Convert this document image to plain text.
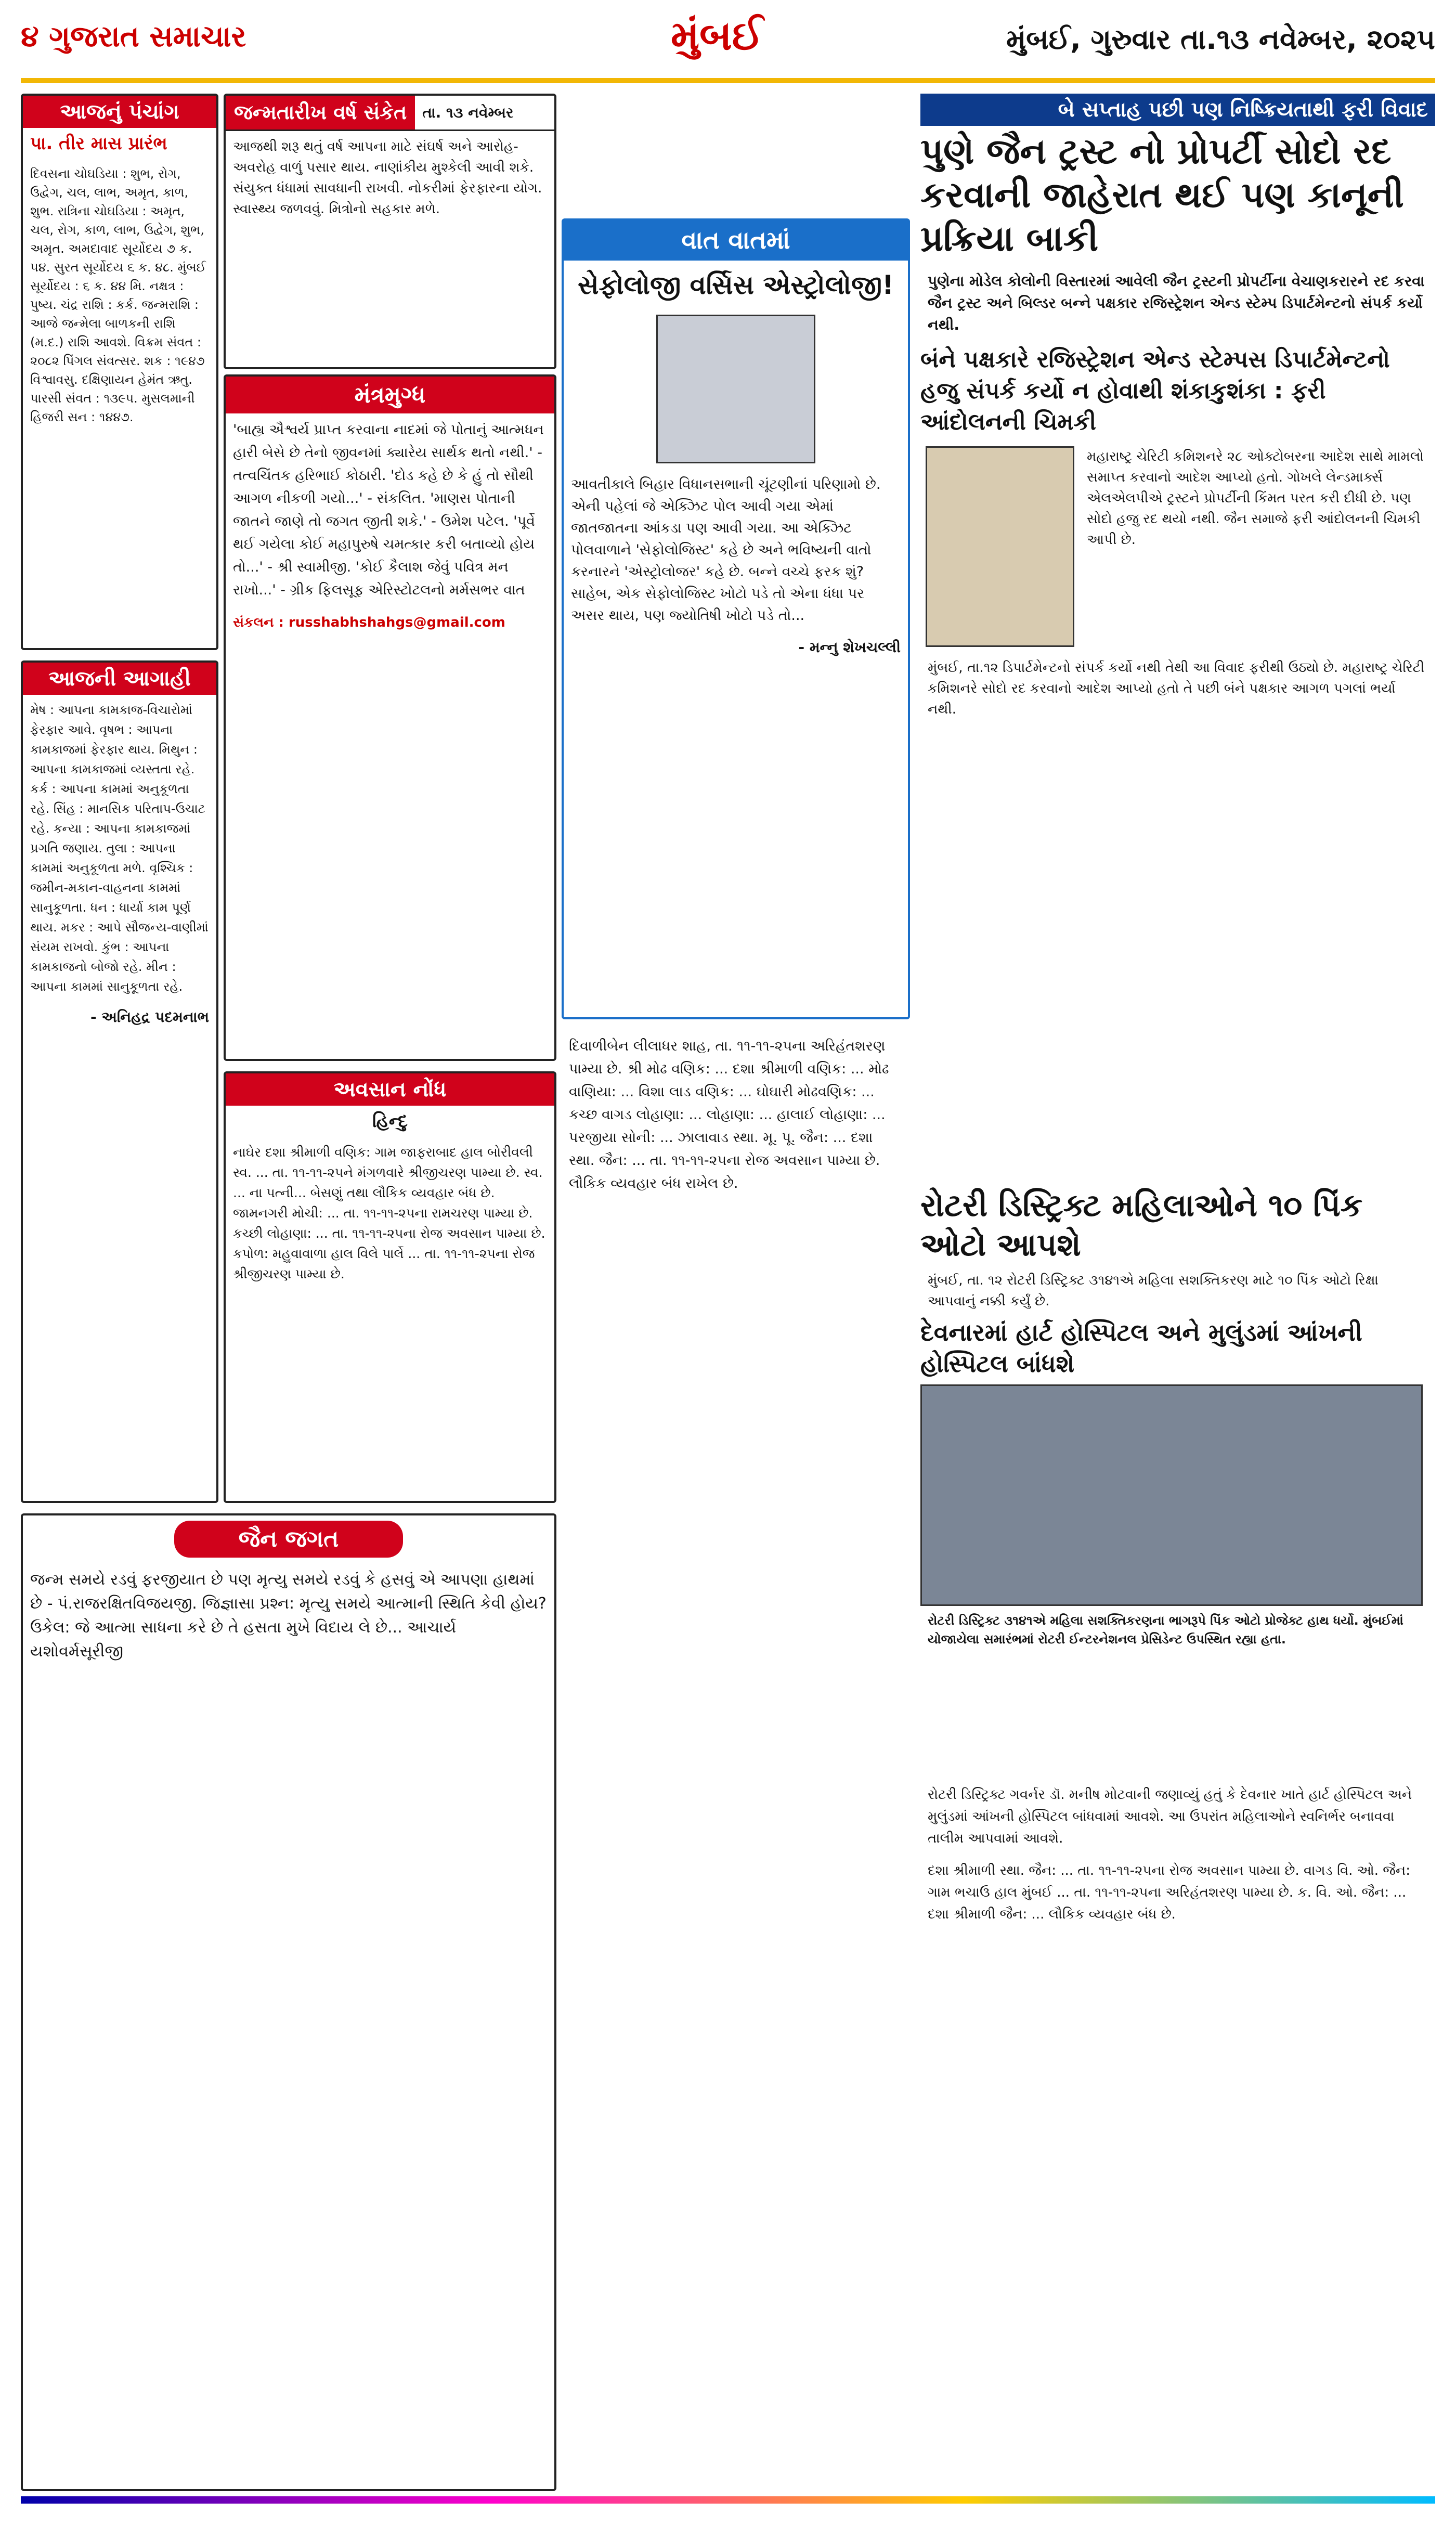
૪ ગુજરાત સમાચાર	મુંબઈ	મુંબઈ, ગુરુવાર તા.૧૩ નવેમ્બર, ૨૦૨૫
આજનું પંચાંગ
પા. તીર માસ પ્રારંભ
દિવસના ચોઘડિયા : શુભ, રોગ, ઉદ્વેગ, ચલ, લાભ, અમૃત, કાળ, શુભ. રાત્રિના ચોઘડિયા : અમૃત, ચલ, રોગ, કાળ, લાભ, ઉદ્વેગ, શુભ, અમૃત. અમદાવાદ સૂર્યોદય ૭ ક. ૫૪. સુરત સૂર્યોદય ૬ ક. ૪૮. મુંબઈ સૂર્યોદય : ૬ ક. ૪૪ મિ. નક્ષત્ર : પુષ્ય. ચંદ્ર રાશિ : કર્ક. જન્મરાશિ : આજે જન્મેલા બાળકની રાશિ (મ.દ.) રાશિ આવશે. વિક્રમ સંવત : ૨૦૮૨ પિંગલ સંવત્સર. શક : ૧૯૪૭ વિશ્વાવસુ. દક્ષિણાયન હેમંત ઋતુ. પારસી સંવત : ૧૩૯૫. મુસલમાની હિજરી સન : ૧૪૪૭.
આજની આગાહી
મેષ : આપના કામકાજ-વિચારોમાં ફેરફાર આવે. વૃષભ : આપના કામકાજમાં ફેરફાર થાય. મિથુન : આપના કામકાજમાં વ્યસ્તતા રહે. કર્ક : આપના કામમાં અનુકૂળતા રહે. સિંહ : માનસિક પરિતાપ-ઉચાટ રહે. કન્યા : આપના કામકાજમાં પ્રગતિ જણાય. તુલા : આપના કામમાં અનુકૂળતા મળે. વૃશ્ચિક : જમીન-મકાન-વાહનના કામમાં સાનુકૂળતા. ધન : ધાર્યા કામ પૂર્ણ થાય. મકર : આપે સૌજન્ય-વાણીમાં સંયમ રાખવો. કુંભ : આપના કામકાજનો બોજો રહે. મીન : આપના કામમાં સાનુકૂળતા રહે.
- અનિહદ્ર પદમનાભ
જૈન જગત
જન્મ સમયે રડવું ફરજીયાત છે પણ મૃત્યુ સમયે રડવું કે હસવું એ આપણા હાથમાં છે - પં.રાજરક્ષિતવિજયજી. જિજ્ઞાસા પ્રશ્ન: મૃત્યુ સમયે આત્માની સ્થિતિ કેવી હોય? ઉકેલ: જે આત્મા સાધના કરે છે તે હસતા મુખે વિદાય લે છે... આચાર્ય યશોવર્મસૂરીજી
જન્મતારીખ વર્ષ સંકેત	તા. ૧૩ નવેમ્બર
આજથી શરૂ થતું વર્ષ આપના માટે સંઘર્ષ અને આરોહ-અવરોહ વાળું પસાર થાય. નાણાંકીય મુશ્કેલી આવી શકે. સંયુક્ત ધંધામાં સાવધાની રાખવી. નોકરીમાં ફેરફારના યોગ. સ્વાસ્થ્ય જળવવું. મિત્રોનો સહકાર મળે.
મંત્રમુગ્ધ
'બાહ્ય ઐશ્વર્ય પ્રાપ્ત કરવાના નાદમાં જે પોતાનું આત્મધન હારી બેસે છે તેનો જીવનમાં ક્યારેય સાર્થક થતો નથી.' - તત્વચિંતક હરિભાઈ કોઠારી. 'દોડ કહે છે કે હું તો સૌથી આગળ નીકળી ગયો...' - સંકલિત. 'માણસ પોતાની જાતને જાણે તો જગત જીતી શકે.' - ઉમેશ પટેલ. 'પૂર્વે થઈ ગયેલા કોઈ મહાપુરુષે ચમત્કાર કરી બતાવ્યો હોય તો...' - શ્રી સ્વામીજી. 'કોઈ કૈલાશ જેવું પવિત્ર મન રાખો...' - ગ્રીક ફિલસૂફ એરિસ્ટોટલનો મર્મસભર વાત
સંકલન : russhabhshahgs@gmail.com
અવસાન નોંધ
હિન્દુ
નાઘેર દશા શ્રીમાળી વણિક: ગામ જાફરાબાદ હાલ બોરીવલી સ્વ. ... તા. ૧૧-૧૧-૨૫ને મંગળવારે શ્રીજીચરણ પામ્યા છે. સ્વ. ... ના પત્ની... બેસણું તથા લૌકિક વ્યવહાર બંધ છે. જામનગરી મોચી: ... તા. ૧૧-૧૧-૨૫ના રામચરણ પામ્યા છે. કચ્છી લોહાણા: ... તા. ૧૧-૧૧-૨૫ના રોજ અવસાન પામ્યા છે. કપોળ: મહુવાવાળા હાલ વિલે પાર્લે ... તા. ૧૧-૧૧-૨૫ના રોજ શ્રીજીચરણ પામ્યા છે.
વાત વાતમાં
સેફોલોજી વર્સિસ એસ્ટ્રોલોજી!
આવતીકાલે બિહાર વિધાનસભાની ચૂંટણીનાં પરિણામો છે. એની પહેલાં જે એક્ઝિટ પોલ આવી ગયા એમાં જાતજાતના આંકડા પણ આવી ગયા. આ એક્ઝિટ પોલવાળાને 'સેફોલોજિસ્ટ' કહે છે અને ભવિષ્યની વાતો કરનારને 'એસ્ટ્રોલોજર' કહે છે. બન્ને વચ્ચે ફરક શું? સાહેબ, એક સેફોલોજિસ્ટ ખોટો પડે તો એના ધંધા પર અસર થાય, પણ જ્યોતિષી ખોટો પડે તો...
- મન્નુ શેખચલ્લી
દિવાળીબેન લીલાધર શાહ, તા. ૧૧-૧૧-૨૫ના અરિહંતશરણ પામ્યા છે. શ્રી મોઢ વણિક: ... દશા શ્રીમાળી વણિક: ... મોઢ વાણિયા: ... વિશા લાડ વણિક: ... ઘોઘારી મોઢવણિક: ... કચ્છ વાગડ લોહાણા: ... લોહાણા: ... હાલાઈ લોહાણા: ... પરજીયા સોની: ... ઝાલાવાડ સ્થા. મૂ. પૂ. જૈન: ... દશા સ્થા. જૈન: ... તા. ૧૧-૧૧-૨૫ના રોજ અવસાન પામ્યા છે. લૌકિક વ્યવહાર બંધ રાખેલ છે.
બે સપ્તાહ પછી પણ નિષ્ક્રિયતાથી ફરી વિવાદ
પુણે જૈન ટ્રસ્ટ નો પ્રોપર્ટી સોદો રદ કરવાની જાહેરાત થઈ પણ કાનૂની પ્રક્રિયા બાકી
પુણેના મોડેલ કોલોની વિસ્તારમાં આવેલી જૈન ટ્રસ્ટની પ્રોપર્ટીના વેચાણકરારને રદ કરવા જૈન ટ્રસ્ટ અને બિલ્ડર બન્ને પક્ષકાર રજિસ્ટ્રેશન એન્ડ સ્ટેમ્પ ડિપાર્ટમેન્ટનો સંપર્ક કર્યો નથી.
બંને પક્ષકારે રજિસ્ટ્રેશન એન્ડ સ્ટેમ્પસ ડિપાર્ટમેન્ટનો હજુ સંપર્ક કર્યો ન હોવાથી શંકાકુશંકા : ફરી આંદોલનની ચિમકી
મહારાષ્ટ્ર ચેરિટી કમિશનરે ૨૮ ઓક્ટોબરના આદેશ સાથે મામલો સમાપ્ત કરવાનો આદેશ આપ્યો હતો. ગોખલે લેન્ડમાર્ક્સ એલએલપીએ ટ્રસ્ટને પ્રોપર્ટીની કિંમત પરત કરી દીધી છે. પણ સોદો હજુ રદ થયો નથી. જૈન સમાજે ફરી આંદોલનની ચિમકી આપી છે.
મુંબઈ, તા.૧૨ ડિપાર્ટમેન્ટનો સંપર્ક કર્યો નથી તેથી આ વિવાદ ફરીથી ઉઠ્યો છે. મહારાષ્ટ્ર ચેરિટી કમિશનરે સોદો રદ કરવાનો આદેશ આપ્યો હતો તે પછી બંને પક્ષકાર આગળ પગલાં ભર્યા નથી.
રોટરી ડિસ્ટ્રિક્ટ મહિલાઓને ૧૦ પિંક ઓટો આપશે
મુંબઈ, તા. ૧૨ રોટરી ડિસ્ટ્રિક્ટ ૩૧૪૧એ મહિલા સશક્તિકરણ માટે ૧૦ પિંક ઓટો રિક્ષા આપવાનું નક્કી કર્યું છે.
દેવનારમાં હાર્ટ હોસ્પિટલ અને મુલુંડમાં આંખની હોસ્પિટલ બાંધશે
રોટરી ડિસ્ટ્રિક્ટ ૩૧૪૧એ મહિલા સશક્તિકરણના ભાગરૂપે પિંક ઓટો પ્રોજેક્ટ હાથ ધર્યો. મુંબઈમાં યોજાયેલા સમારંભમાં રોટરી ઈન્ટરનેશનલ પ્રેસિડેન્ટ ઉપસ્થિત રહ્યા હતા.
રોટરી ડિસ્ટ્રિક્ટ ગવર્નર ડૉ. મનીષ મોટવાની જણાવ્યું હતું કે દેવનાર ખાતે હાર્ટ હોસ્પિટલ અને મુલુંડમાં આંખની હોસ્પિટલ બાંધવામાં આવશે. આ ઉપરાંત મહિલાઓને સ્વનિર્ભર બનાવવા તાલીમ આપવામાં આવશે.
દશા શ્રીમાળી સ્થા. જૈન: ... તા. ૧૧-૧૧-૨૫ના રોજ અવસાન પામ્યા છે. વાગડ વિ. ઓ. જૈન: ગામ ભચાઉ હાલ મુંબઈ ... તા. ૧૧-૧૧-૨૫ના અરિહંતશરણ પામ્યા છે. ક. વિ. ઓ. જૈન: ... દશા શ્રીમાળી જૈન: ... લૌકિક વ્યવહાર બંધ છે.
